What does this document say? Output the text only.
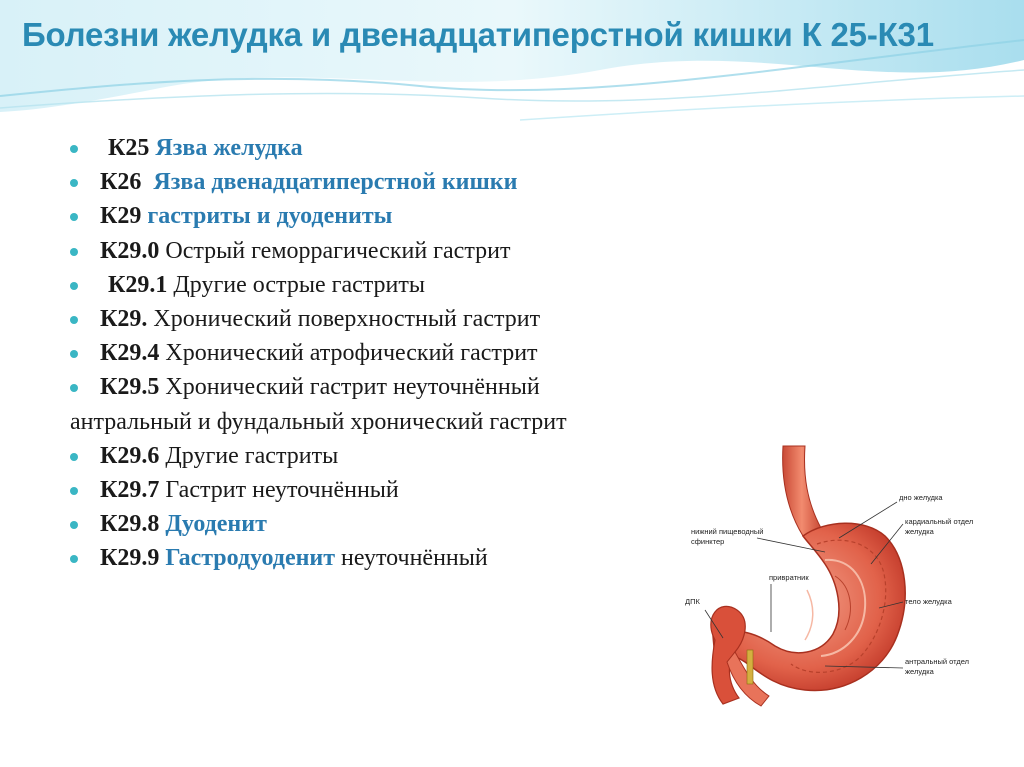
Болезни желудка и двенадцатиперстной кишки К 25-К31
К25 Язва желудка
К26 Язва двенадцатиперстной кишки
К29 гастриты и дуодениты
К29.0 Острый геморрагический гастрит
К29.1 Другие острые гастриты
К29. Хронический поверхностный гастрит
К29.4 Хронический атрофический гастрит
К29.5 Хронический гастрит неуточнённый
антральный и фундальный хронический гастрит
К29.6 Другие гастриты
К29.7 Гастрит неуточнённый
К29.8 Дуоденит
К29.9 Гастродуоденит неуточнённый
дно желудка
кардиальный отдел
желудка
нижний пищеводный
сфинктер
привратник
тело желудка
ДПК
антральный отдел
желудка
